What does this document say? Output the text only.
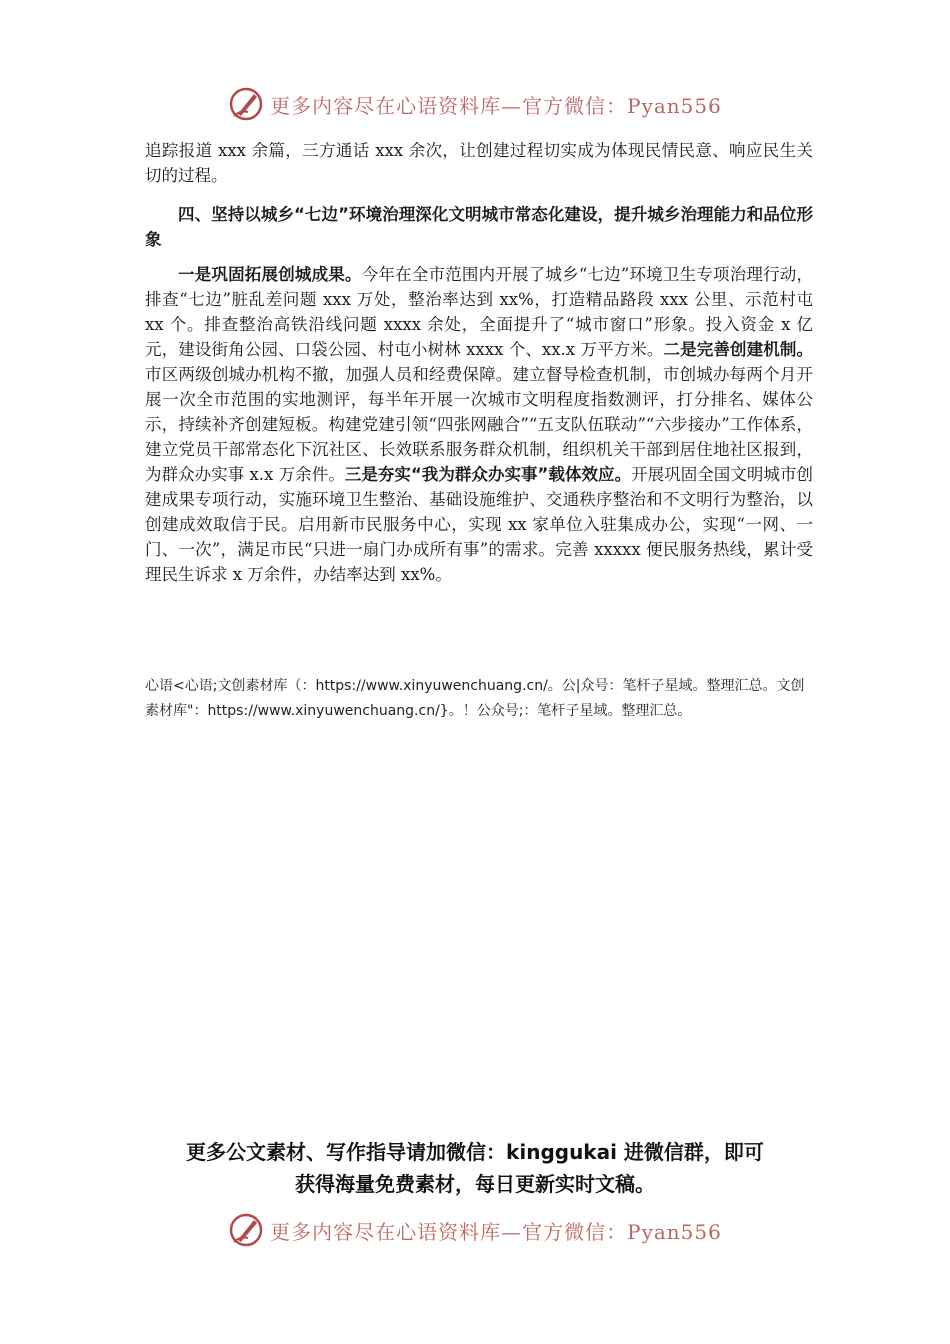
更多内容尽在心语资料库—官方微信：Pyan556

追踪报道 xxx 余篇，三方通话 xxx 余次，让创建过程切实成为体现民情民意、响应民生关切的过程。

四、坚持以城乡“七边”环境治理深化文明城市常态化建设，提升城乡治理能力和品位形象

一是巩固拓展创城成果。今年在全市范围内开展了城乡“七边”环境卫生专项治理行动，排查“七边”脏乱差问题 xxx 万处，整治率达到 xx%，打造精品路段 xxx 公里、示范村屯 xx 个。排查整治高铁沿线问题 xxxx 余处，全面提升了“城市窗口”形象。投入资金 x 亿元，建设街角公园、口袋公园、村屯小树林 xxxx 个、xx.x 万平方米。二是完善创建机制。市区两级创城办机构不撤，加强人员和经费保障。建立督导检查机制，市创城办每两个月开展一次全市范围的实地测评，每半年开展一次城市文明程度指数测评，打分排名、媒体公示，持续补齐创建短板。构建党建引领“四张网融合”“五支队伍联动”“六步接办”工作体系，建立党员干部常态化下沉社区、长效联系服务群众机制，组织机关干部到居住地社区报到，为群众办实事 x.x 万余件。三是夯实“我为群众办实事”载体效应。开展巩固全国文明城市创建成果专项行动，实施环境卫生整治、基础设施维护、交通秩序整治和不文明行为整治，以创建成效取信于民。启用新市民服务中心，实现 xx 家单位入驻集成办公，实现“一网、一门、一次”，满足市民“只进一扇门办成所有事”的需求。完善 xxxxx 便民服务热线，累计受理民生诉求 x 万余件，办结率达到 xx%。

心语<心语;文创素材库（：https://www.xinyuwenchuang.cn/。公|众号：笔杆子星域。整理汇总。文创素材库"：https://www.xinyuwenchuang.cn/}。！公众号;：笔杆子星域。整理汇总。
更多公文素材、写作指导请加微信：kinggukai 进微信群，即可
获得海量免费素材，每日更新实时文稿。
更多内容尽在心语资料库—官方微信：Pyan556
